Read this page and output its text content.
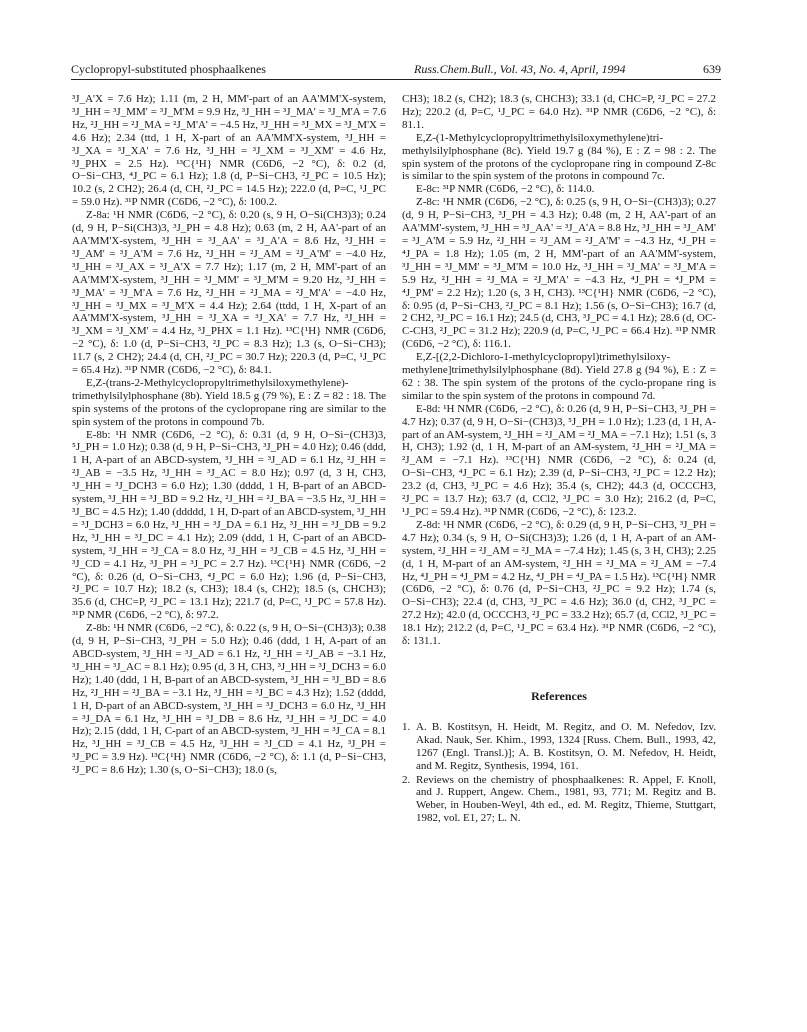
Cyclopropyl-substituted phosphaalkenes	Russ.Chem.Bull., Vol. 43, No. 4, April, 1994	639

³J_A'X = 7.6 Hz); 1.11 (m, 2 H, MM'-part of an AA'MM'X-system, ³J_HH = ³J_MM' = ³J_M'M = 9.9 Hz, ³J_HH = ³J_MA' = ³J_M'A = 7.6 Hz, ²J_HH = ²J_MA = ²J_M'A' = −4.5 Hz, ³J_HH = ³J_MX = ³J_M'X = 4.6 Hz); 2.34 (ttd, 1 H, X-part of an AA'MM'X-system, ³J_HH = ³J_XA = ³J_XA' = 7.6 Hz, ³J_HH = ³J_XM = ³J_XM' = 4.6 Hz, ³J_PHX = 2.5 Hz). ¹³C{¹H} NMR (C6D6, −2 °C), δ: 0.2 (d, O−Si−CH3, ⁴J_PC = 6.1 Hz); 1.8 (d, P−Si−CH3, ²J_PC = 10.5 Hz); 10.2 (s, 2 CH2); 26.4 (d, CH, ²J_PC = 14.5 Hz); 222.0 (d, P=C, ¹J_PC = 59.0 Hz). ³¹P NMR (C6D6, −2 °C), δ: 100.2.

Z-8a: ¹H NMR (C6D6, −2 °C), δ: 0.20 (s, 9 H, O−Si(CH3)3); 0.24 (d, 9 H, P−Si(CH3)3, ³J_PH = 4.8 Hz); 0.63 (m, 2 H, AA'-part of an AA'MM'X-system, ³J_HH = ³J_AA' = ³J_A'A = 8.6 Hz, ³J_HH = ³J_AM' = ³J_A'M = 7.6 Hz, ²J_HH = ²J_AM = ²J_A'M' = −4.0 Hz, ³J_HH = ³J_AX = ³J_A'X = 7.7 Hz); 1.17 (m, 2 H, MM'-part of an AA'MM'X-system, ³J_HH = ³J_MM' = ³J_M'M = 9.20 Hz, ³J_HH = ³J_MA' = ³J_M'A = 7.6 Hz, ²J_HH = ²J_MA = ²J_M'A' = −4.0 Hz, ³J_HH = ³J_MX = ³J_M'X = 4.4 Hz); 2.64 (ttdd, 1 H, X-part of an AA'MM'X-system, ³J_HH = ³J_XA = ³J_XA' = 7.7 Hz, ³J_HH = ³J_XM = ³J_XM' = 4.4 Hz, ³J_PHX = 1.1 Hz). ¹³C{¹H} NMR (C6D6, −2 °C), δ: 1.0 (d, P−Si−CH3, ²J_PC = 8.3 Hz); 1.3 (s, O−Si−CH3); 11.7 (s, 2 CH2); 24.4 (d, CH, ²J_PC = 30.7 Hz); 220.3 (d, P=C, ¹J_PC = 65.4 Hz). ³¹P NMR (C6D6, −2 °C), δ: 84.1.

E,Z-(trans-2-Methylcyclopropyltrimethylsiloxymethylene)-trimethylsilylphosphane (8b). Yield 18.5 g (79 %), E : Z = 82 : 18. The spin systems of the protons of the cyclopropane ring are similar to the spin system of the protons in compound 7b.

E-8b: ¹H NMR (C6D6, −2 °C), δ: 0.31 (d, 9 H, O−Si−(CH3)3, ⁵J_PH = 1.0 Hz); 0.38 (d, 9 H, P−Si−CH3, ³J_PH = 4.0 Hz); 0.46 (ddd, 1 H, A-part of an ABCD-system, ³J_HH = ³J_AD = 6.1 Hz, ²J_HH = ²J_AB = −3.5 Hz, ³J_HH = ³J_AC = 8.0 Hz); 0.97 (d, 3 H, CH3, ³J_HH = ³J_DCH3 = 6.0 Hz); 1.30 (dddd, 1 H, B-part of an ABCD-system, ³J_HH = ³J_BD = 9.2 Hz, ²J_HH = ²J_BA = −3.5 Hz, ³J_HH = ³J_BC = 4.5 Hz); 1.40 (ddddd, 1 H, D-part of an ABCD-system, ³J_HH = ³J_DCH3 = 6.0 Hz, ³J_HH = ³J_DA = 6.1 Hz, ³J_HH = ³J_DB = 9.2 Hz, ³J_HH = ³J_DC = 4.1 Hz); 2.09 (ddd, 1 H, C-part of an ABCD-system, ³J_HH = ³J_CA = 8.0 Hz, ³J_HH = ³J_CB = 4.5 Hz, ³J_HH = ³J_CD = 4.1 Hz, ³J_PH = ³J_PC = 2.7 Hz). ¹³C{¹H} NMR (C6D6, −2 °C), δ: 0.26 (d, O−Si−CH3, ⁴J_PC = 6.0 Hz); 1.96 (d, P−Si−CH3, ²J_PC = 10.7 Hz); 18.2 (s, CH3); 18.4 (s, CH2); 18.5 (s, CHCH3); 35.6 (d, CHC=P, ²J_PC = 13.1 Hz); 221.7 (d, P=C, ¹J_PC = 57.8 Hz). ³¹P NMR (C6D6, −2 °C), δ: 97.2.

Z-8b: ¹H NMR (C6D6, −2 °C), δ: 0.22 (s, 9 H, O−Si−(CH3)3); 0.38 (d, 9 H, P−Si−CH3, ³J_PH = 5.0 Hz); 0.46 (ddd, 1 H, A-part of an ABCD-system, ³J_HH = ³J_AD = 6.1 Hz, ²J_HH = ²J_AB = −3.1 Hz, ³J_HH = ³J_AC = 8.1 Hz); 0.95 (d, 3 H, CH3, ³J_HH = ³J_DCH3 = 6.0 Hz); 1.40 (ddd, 1 H, B-part of an ABCD-system, ³J_HH = ³J_BD = 8.6 Hz, ²J_HH = ²J_BA = −3.1 Hz, ³J_HH = ³J_BC = 4.3 Hz); 1.52 (dddd, 1 H, D-part of an ABCD-system, ³J_HH = ³J_DCH3 = 6.0 Hz, ³J_HH = ³J_DA = 6.1 Hz, ³J_HH = ³J_DB = 8.6 Hz, ³J_HH = ³J_DC = 4.0 Hz); 2.15 (ddd, 1 H, C-part of an ABCD-system, ³J_HH = ³J_CA = 8.1 Hz, ³J_HH = ³J_CB = 4.5 Hz, ³J_HH = ³J_CD = 4.1 Hz, ³J_PH = ³J_PC = 3.9 Hz). ¹³C{¹H} NMR (C6D6, −2 °C), δ: 1.1 (d, P−Si−CH3, ²J_PC = 8.6 Hz); 1.30 (s, O−Si−CH3); 18.0 (s,

CH3); 18.2 (s, CH2); 18.3 (s, CHCH3); 33.1 (d, CHC=P, ²J_PC = 27.2 Hz); 220.2 (d, P=C, ¹J_PC = 64.0 Hz). ³¹P NMR (C6D6, −2 °C), δ: 81.1.

E,Z-(1-Methylcyclopropyltrimethylsiloxymethylene)tri-methylsilylphosphane (8c). Yield 19.7 g (84 %), E : Z = 98 : 2. The spin system of the protons of the cyclopropane ring in compound Z-8c is similar to the spin system of the protons in compound 7c.

E-8c: ³¹P NMR (C6D6, −2 °C), δ: 114.0.

Z-8c: ¹H NMR (C6D6, −2 °C), δ: 0.25 (s, 9 H, O−Si−(CH3)3); 0.27 (d, 9 H, P−Si−CH3, ³J_PH = 4.3 Hz); 0.48 (m, 2 H, AA'-part of an AA'MM'-system, ³J_HH = ³J_AA' = ³J_A'A = 8.8 Hz, ³J_HH = ³J_AM' = ³J_A'M = 5.9 Hz, ²J_HH = ²J_AM = ²J_A'M' = −4.3 Hz, ⁴J_PH = ⁴J_PA = 1.8 Hz); 1.05 (m, 2 H, MM'-part of an AA'MM'-system, ³J_HH = ³J_MM' = ³J_M'M = 10.0 Hz, ³J_HH = ³J_MA' = ³J_M'A = 5.9 Hz, ²J_HH = ²J_MA = ²J_M'A' = −4.3 Hz, ⁴J_PH = ⁴J_PM = ⁴J_PM' = 2.2 Hz); 1.20 (s, 3 H, CH3). ¹³C{¹H} NMR (C6D6, −2 °C), δ: 0.95 (d, P−Si−CH3, ²J_PC = 8.1 Hz); 1.56 (s, O−Si−CH3); 16.7 (d, 2 CH2, ³J_PC = 16.1 Hz); 24.5 (d, CH3, ³J_PC = 4.1 Hz); 28.6 (d, OC-C-CH3, ²J_PC = 31.2 Hz); 220.9 (d, P=C, ¹J_PC = 66.4 Hz). ³¹P NMR (C6D6, −2 °C), δ: 116.1.

E,Z-[(2,2-Dichloro-1-methylcyclopropyl)trimethylsiloxy-methylene]trimethylsilylphosphane (8d). Yield 27.8 g (94 %), E : Z = 62 : 38. The spin system of the protons of the cyclo-propane ring is similar to the spin system of the protons in compound 7d.

E-8d: ¹H NMR (C6D6, −2 °C), δ: 0.26 (d, 9 H, P−Si−CH3, ³J_PH = 4.7 Hz); 0.37 (d, 9 H, O−Si−(CH3)3, ⁵J_PH = 1.0 Hz); 1.23 (d, 1 H, A-part of an AM-system, ²J_HH = ²J_AM = ²J_MA = −7.1 Hz); 1.51 (s, 3 H, CH3); 1.92 (d, 1 H, M-part of an AM-system, ²J_HH = ²J_MA = ²J_AM = −7.1 Hz). ¹³C{¹H} NMR (C6D6, −2 °C), δ: 0.24 (d, O−Si−CH3, ⁴J_PC = 6.1 Hz); 2.39 (d, P−Si−CH3, ²J_PC = 12.2 Hz); 23.2 (d, CH3, ³J_PC = 4.6 Hz); 35.4 (s, CH2); 44.3 (d, OCCCH3, ²J_PC = 13.7 Hz); 63.7 (d, CCl2, ³J_PC = 3.0 Hz); 216.2 (d, P=C, ¹J_PC = 59.4 Hz). ³¹P NMR (C6D6, −2 °C), δ: 123.2.

Z-8d: ¹H NMR (C6D6, −2 °C), δ: 0.29 (d, 9 H, P−Si−CH3, ³J_PH = 4.7 Hz); 0.34 (s, 9 H, O−Si(CH3)3); 1.26 (d, 1 H, A-part of an AM-system, ²J_HH = ²J_AM = ²J_MA = −7.4 Hz); 1.45 (s, 3 H, CH3); 2.25 (d, 1 H, M-part of an AM-system, ²J_HH = ²J_MA = ²J_AM = −7.4 Hz, ⁴J_PH = ⁴J_PM = 4.2 Hz, ⁴J_PH = ⁴J_PA = 1.5 Hz). ¹³C{¹H} NMR (C6D6, −2 °C), δ: 0.76 (d, P−Si−CH3, ²J_PC = 9.2 Hz); 1.74 (s, O−Si−CH3); 22.4 (d, CH3, ³J_PC = 4.6 Hz); 36.0 (d, CH2, ³J_PC = 27.2 Hz); 42.0 (d, OCCCH3, ²J_PC = 33.2 Hz); 65.7 (d, CCl2, ³J_PC = 18.1 Hz); 212.2 (d, P=C, ¹J_PC = 63.4 Hz). ³¹P NMR (C6D6, −2 °C), δ: 131.1.

References
1. A. B. Kostitsyn, H. Heidt, M. Regitz, and O. M. Nefedov, Izv. Akad. Nauk, Ser. Khim., 1993, 1324 [Russ. Chem. Bull., 1993, 42, 1267 (Engl. Transl.)]; A. B. Kostitsyn, O. M. Nefedov, H. Heidt, and M. Regitz, Synthesis, 1994, 161.
2. Reviews on the chemistry of phosphaalkenes: R. Appel, F. Knoll, and J. Ruppert, Angew. Chem., 1981, 93, 771; M. Regitz and B. Weber, in Houben-Weyl, 4th ed., ed. M. Regitz, Thieme, Stuttgart, 1982, vol. E1, 27; L. N.
